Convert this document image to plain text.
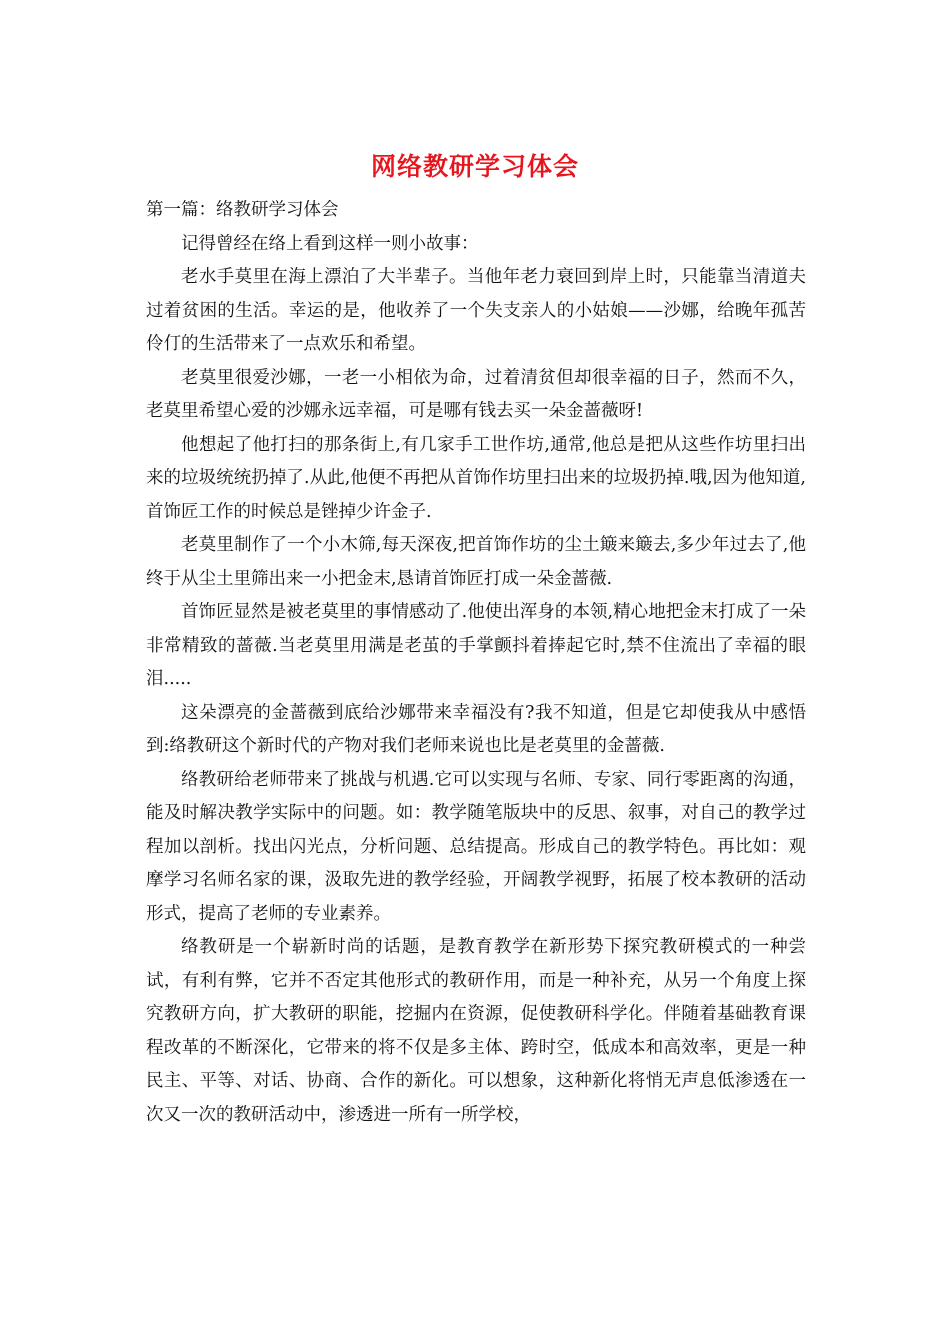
网络教研学习体会

第一篇：络教研学习体会

记得曾经在络上看到这样一则小故事：

老水手莫里在海上漂泊了大半辈子。当他年老力衰回到岸上时，只能靠当清道夫过着贫困的生活。幸运的是，他收养了一个失支亲人的小姑娘——沙娜，给晚年孤苦伶仃的生活带来了一点欢乐和希望。

老莫里很爱沙娜，一老一小相依为命，过着清贫但却很幸福的日子，然而不久，老莫里希望心爱的沙娜永远幸福，可是哪有钱去买一朵金蔷薇呀!

他想起了他打扫的那条街上,有几家手工世作坊,通常,他总是把从这些作坊里扫出来的垃圾统统扔掉了.从此,他便不再把从首饰作坊里扫出来的垃圾扔掉.哦,因为他知道,首饰匠工作的时候总是锉掉少许金子.

老莫里制作了一个小木筛,每天深夜,把首饰作坊的尘土簸来簸去,多少年过去了,他终于从尘土里筛出来一小把金末,恳请首饰匠打成一朵金蔷薇.

首饰匠显然是被老莫里的事情感动了.他使出浑身的本领,精心地把金末打成了一朵非常精致的蔷薇.当老莫里用满是老茧的手掌颤抖着捧起它时,禁不住流出了幸福的眼泪.....

这朵漂亮的金蔷薇到底给沙娜带来幸福没有?我不知道，但是它却使我从中感悟到:络教研这个新时代的产物对我们老师来说也比是老莫里的金蔷薇.

络教研给老师带来了挑战与机遇.它可以实现与名师、专家、同行零距离的沟通，能及时解决教学实际中的问题。如：教学随笔版块中的反思、叙事，对自己的教学过程加以剖析。找出闪光点，分析问题、总结提高。形成自己的教学特色。再比如：观摩学习名师名家的课，汲取先进的教学经验，开阔教学视野，拓展了校本教研的活动形式，提高了老师的专业素养。

络教研是一个崭新时尚的话题，是教育教学在新形势下探究教研模式的一种尝试，有利有弊，它并不否定其他形式的教研作用，而是一种补充，从另一个角度上探究教研方向，扩大教研的职能，挖掘内在资源，促使教研科学化。伴随着基础教育课程改革的不断深化，它带来的将不仅是多主体、跨时空，低成本和高效率，更是一种民主、平等、对话、协商、合作的新化。可以想象，这种新化将悄无声息低渗透在一次又一次的教研活动中，渗透进一所有一所学校，
